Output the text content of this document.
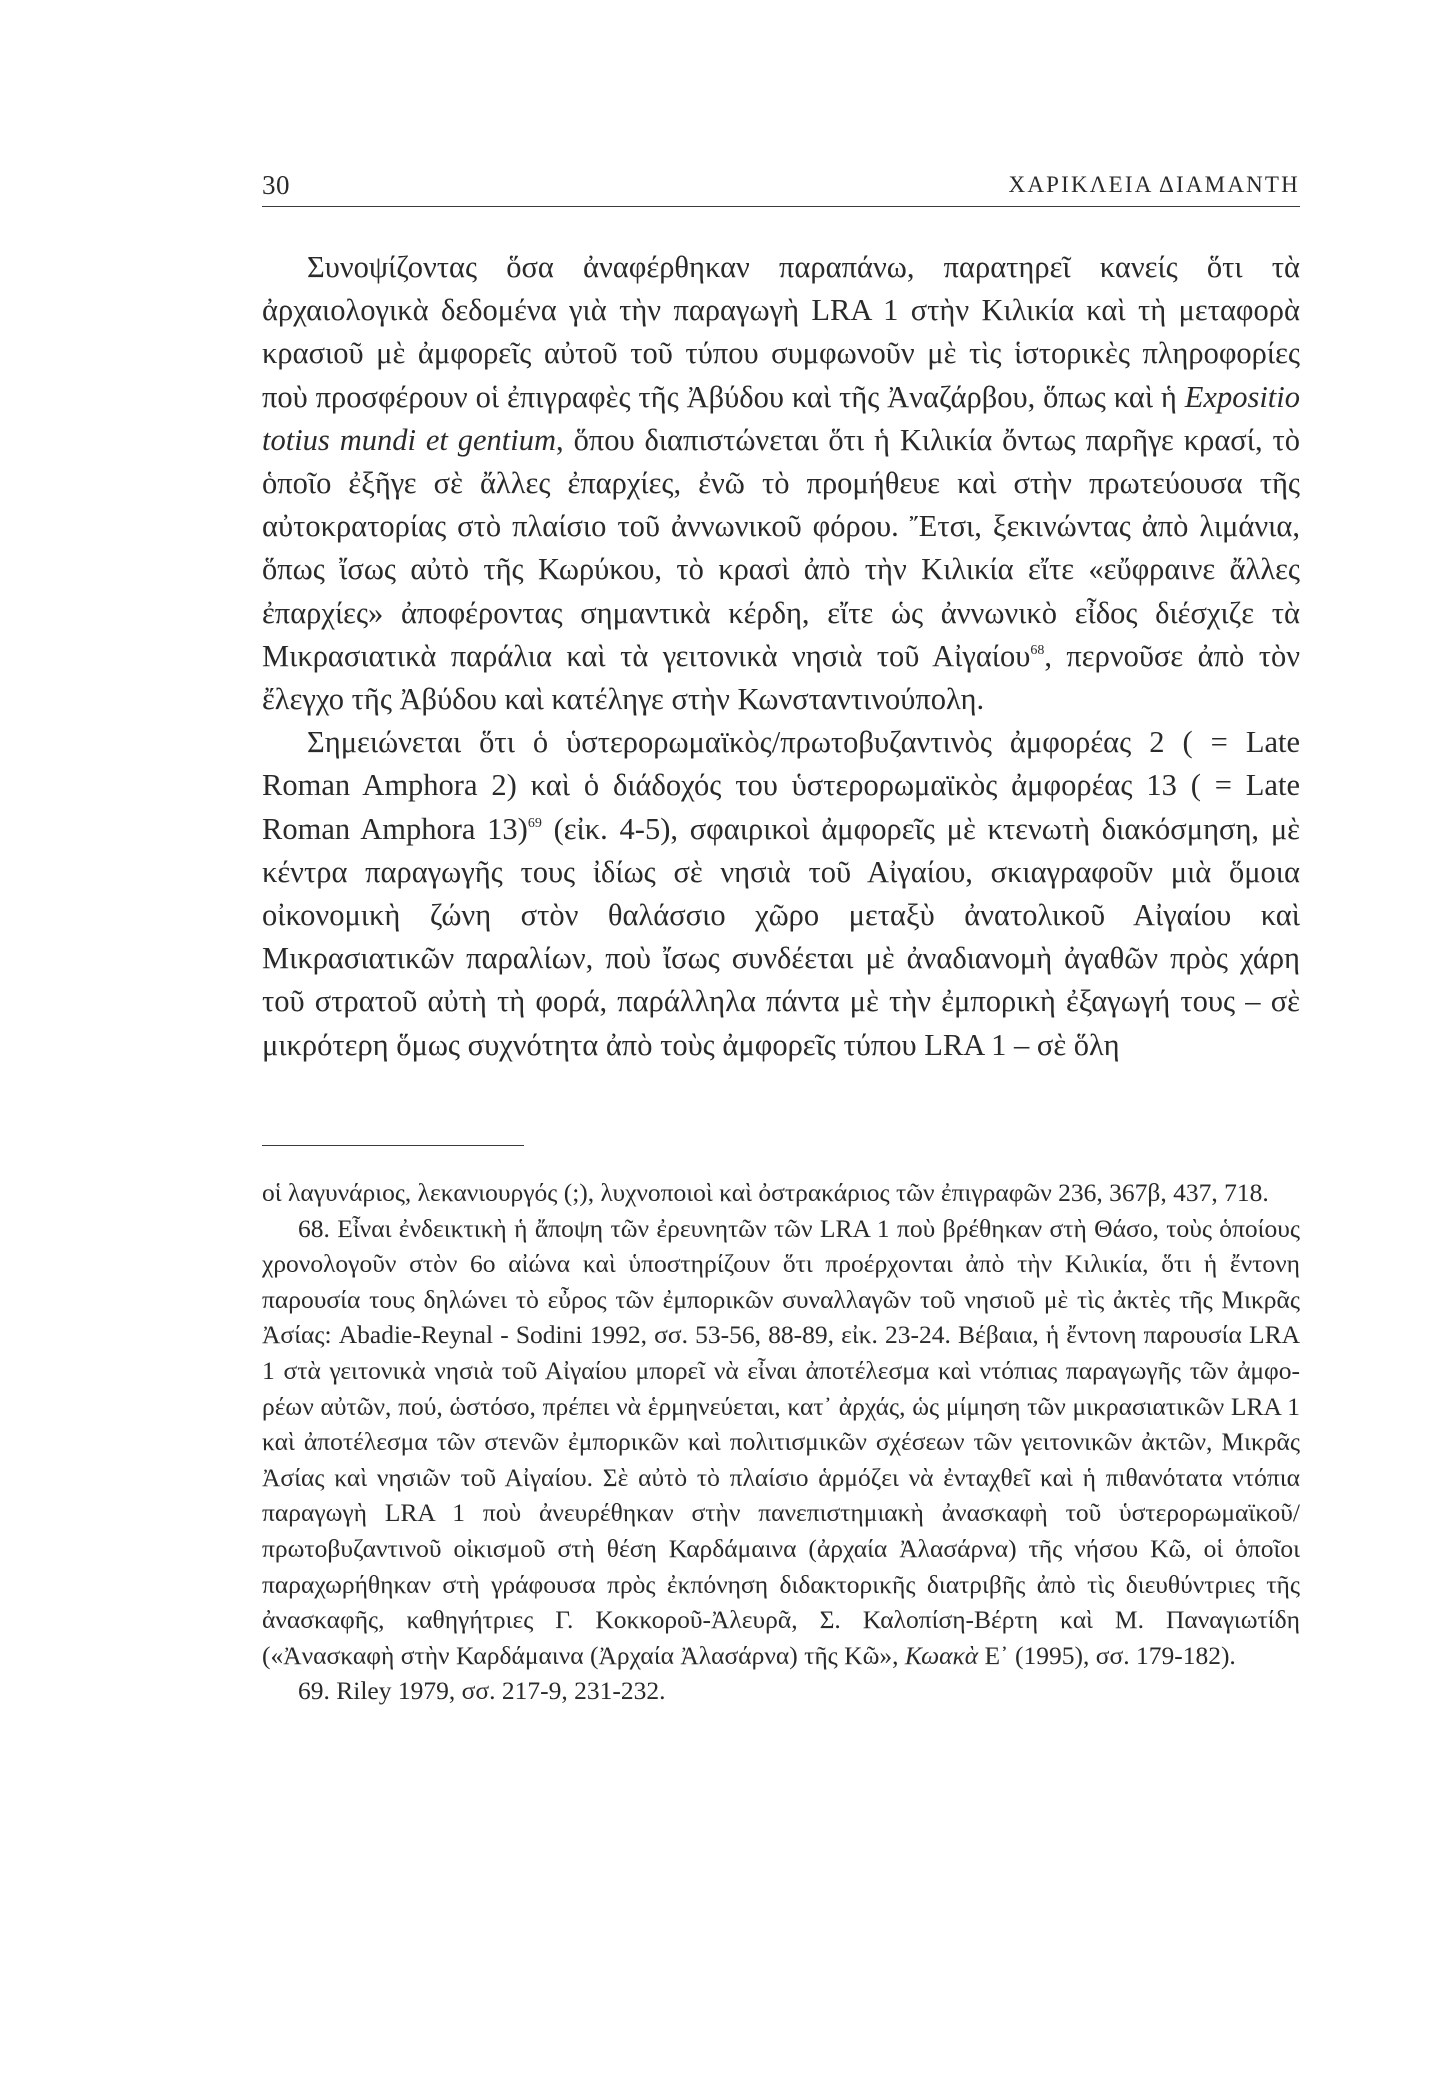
30	ΧΑΡΙΚΛΕΙΑ ΔΙΑΜΑΝΤΗ

Συνοψίζοντας ὅσα ἀναφέρθηκαν παραπάνω, παρατηρεῖ κανείς ὅτι τὰ ἀρχαιολογικὰ δεδομένα γιὰ τὴν παραγωγὴ LRA 1 στὴν Κιλικία καὶ τὴ μεταφορὰ κρασιοῦ μὲ ἀμφορεῖς αὐτοῦ τοῦ τύπου συμφωνοῦν μὲ τὶς ἱστορικὲς πληροφορίες ποὺ προσφέρουν οἱ ἐπιγραφὲς τῆς Ἀβύδου καὶ τῆς Ἀναζάρβου, ὅπως καὶ ἡ Expositio totius mundi et gentium, ὅπου διαπιστώνεται ὅτι ἡ Κιλικία ὄντως παρῆγε κρασί, τὸ ὁποῖο ἐξῆγε σὲ ἄλλες ἐπαρχίες, ἐνῶ τὸ προμήθευε καὶ στὴν πρωτεύουσα τῆς αὐτοκρατορίας στὸ πλαίσιο τοῦ ἀννωνικοῦ φόρου. Ἔτσι, ξεκινώντας ἀπὸ λιμάνια, ὅπως ἴσως αὐτὸ τῆς Κωρύκου, τὸ κρασὶ ἀπὸ τὴν Κιλικία εἴτε «εὔφραινε ἄλλες ἐπαρχίες» ἀποφέροντας σημαντικὰ κέρδη, εἴτε ὡς ἀννωνικὸ εἶδος διέσχιζε τὰ Μικρασιατικὰ παράλια καὶ τὰ γειτονικὰ νησιὰ τοῦ Αἰγαίου$^{68}$, περνοῦσε ἀπὸ τὸν ἔλεγχο τῆς Ἀβύδου καὶ κατέληγε στὴν Κωνσταντινούπολη.

Σημειώνεται ὅτι ὁ ὑστερορωμαϊκὸς/πρωτοβυζαντινὸς ἀμφορέας 2 ( = Late Roman Amphora 2) καὶ ὁ διάδοχός του ὑστερορωμαϊκὸς ἀμφορέας 13 ( = Late Roman Amphora 13)$^{69}$ (εἰκ. 4-5), σφαιρικοὶ ἀμφορεῖς μὲ κτενωτὴ διακόσμηση, μὲ κέντρα παραγωγῆς τους ἰδίως σὲ νησιὰ τοῦ Αἰγαίου, σκιαγραφοῦν μιὰ ὅμοια οἰκονομικὴ ζώνη στὸν θαλάσσιο χῶρο μεταξὺ ἀνατολικοῦ Αἰγαίου καὶ Μικρασιατικῶν παραλίων, ποὺ ἴσως συνδέεται μὲ ἀναδιανομὴ ἀγαθῶν πρὸς χάρη τοῦ στρατοῦ αὐτὴ τὴ φορά, παράλληλα πάντα μὲ τὴν ἐμπορικὴ ἐξαγωγή τους – σὲ μικρότερη ὅμως συχνότητα ἀπὸ τοὺς ἀμφορεῖς τύπου LRA 1 – σὲ ὅλη

οἱ λαγυνάριος, λεκανιουργός (;), λυχνοποιοὶ καὶ ὀστρακάριος τῶν ἐπιγραφῶν 236, 367β, 437, 718.

68. Εἶναι ἐνδεικτικὴ ἡ ἄποψη τῶν ἐρευνητῶν τῶν LRA 1 ποὺ βρέθηκαν στὴ Θάσο, τοὺς ὁποίους χρονολογοῦν στὸν 6ο αἰώνα καὶ ὑποστηρίζουν ὅτι προέρχονται ἀπὸ τὴν Κιλικία, ὅτι ἡ ἔντονη παρουσία τους δηλώνει τὸ εὖρος τῶν ἐμπορικῶν συναλλαγῶν τοῦ νησιοῦ μὲ τὶς ἀκτὲς τῆς Μικρᾶς Ἀσίας: Abadie-Reynal - Sodini 1992, σσ. 53-56, 88-89, εἰκ. 23-24. Βέβαια, ἡ ἔντονη παρουσία LRA 1 στὰ γειτονικὰ νησιὰ τοῦ Αἰγαίου μπορεῖ νὰ εἶναι ἀποτέλεσμα καὶ ντόπιας παραγωγῆς τῶν ἀμφορέων αὐτῶν, πού, ὡστόσο, πρέπει νὰ ἑρμηνεύεται, κατ᾽ ἀρχάς, ὡς μίμηση τῶν μικρασιατικῶν LRA 1 καὶ ἀποτέλεσμα τῶν στενῶν ἐμπορικῶν καὶ πολιτισμικῶν σχέσεων τῶν γειτονικῶν ἀκτῶν, Μικρᾶς Ἀσίας καὶ νησιῶν τοῦ Αἰγαίου. Σὲ αὐτὸ τὸ πλαίσιο ἁρμόζει νὰ ἐνταχθεῖ καὶ ἡ πιθανότατα ντόπια παραγωγὴ LRA 1 ποὺ ἀνευρέθηκαν στὴν πανεπιστημιακὴ ἀνασκαφὴ τοῦ ὑστερορωμαϊκοῦ/πρωτοβυζαντινοῦ οἰκισμοῦ στὴ θέση Καρδάμαινα (ἀρχαία Ἀλασάρνα) τῆς νήσου Κῶ, οἱ ὁποῖοι παραχωρήθηκαν στὴ γράφουσα πρὸς ἐκπόνηση διδακτορικῆς διατριβῆς ἀπὸ τὶς διευθύντριες τῆς ἀνασκαφῆς, καθηγήτριες Γ. Κοκκοροῦ-Ἀλευρᾶ, Σ. Καλοπίση-Βέρτη καὶ Μ. Παναγιωτίδη («Ἀνασκαφὴ στὴν Καρδάμαινα (Ἀρχαία Ἀλασάρνα) τῆς Κῶ», Κωακὰ Ε᾽ (1995), σσ. 179-182).

69. Riley 1979, σσ. 217-9, 231-232.
